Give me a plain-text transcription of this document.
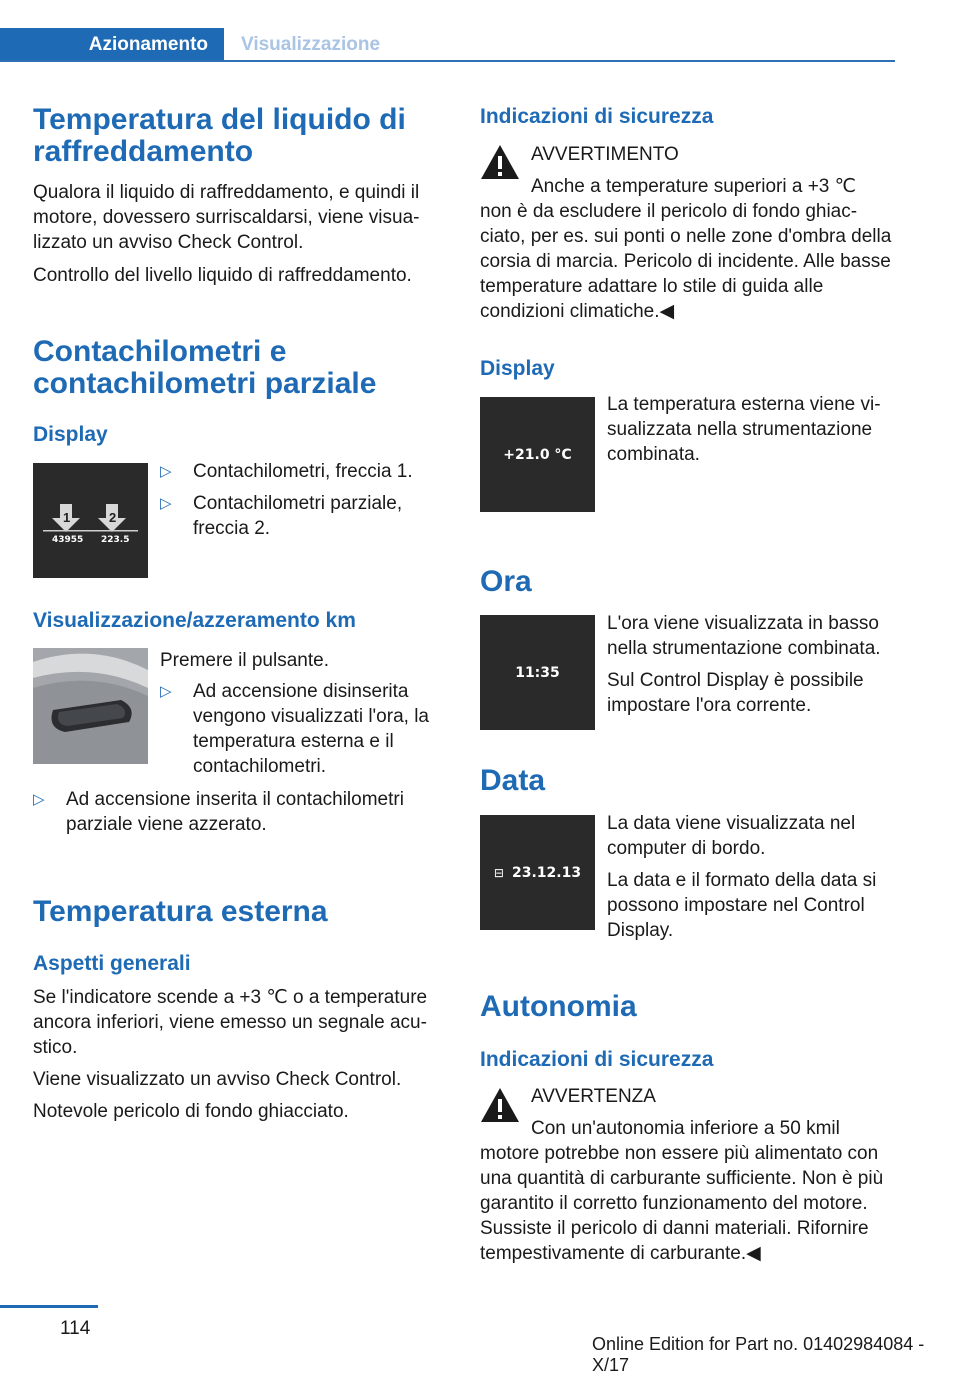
Azionamento	Visualizzazione
Temperatura del liquido di raffreddamento

Qualora il liquido di raffreddamento, e quindi il motore, dovessero surriscaldarsi, viene visua‐lizzato un avviso Check Control.

Controllo del livello liquido di raffreddamento.

Contachilometri e contachilometri parziale
Display
1	2
43955 223.5
▷ Contachilometri, freccia 1.
▷ Contachilometri parziale, freccia 2.
Visualizzazione/azzeramento km

Premere il pulsante.

▷ Ad accensione disinserita vengono visualizzati l'ora, la temperatura esterna e il contachilometri.
▷ Ad accensione inserita il contachilometri parziale viene azzerato.
Temperatura esterna
Aspetti generali

Se l'indicatore scende a +3 ℃ o a temperature ancora inferiori, viene emesso un segnale acu‐stico.

Viene visualizzato un avviso Check Control.

Notevole pericolo di fondo ghiacciato.

Indicazioni di sicurezza

AVVERTIMENTO

Anche a temperature superiori a +3 ℃

non è da escludere il pericolo di fondo ghiac‐ciato, per es. sui ponti o nelle zone d'ombra della corsia di marcia. Pericolo di incidente. Alle basse temperature adattare lo stile di guida alle condizioni climatiche.◀

Display
+21.0 °C

La temperatura esterna viene vi‐sualizzata nella strumentazione combinata.

Ora
11:35

L'ora viene visualizzata in basso nella strumentazione combinata.

Sul Control Display è possibile impostare l'ora corrente.

Data
⊟ 23.12.13

La data viene visualizzata nel computer di bordo.

La data e il formato della data si possono impostare nel Control Display.

Autonomia
Indicazioni di sicurezza

AVVERTENZA

Con un'autonomia inferiore a 50 kmil

motore potrebbe non essere più alimentato con una quantità di carburante sufficiente. Non è più garantito il corretto funzionamento del motore. Sussiste il pericolo di danni materiali. Rifornire tempestivamente di carburante.◀

114
Online Edition for Part no. 01402984084 - X/17
